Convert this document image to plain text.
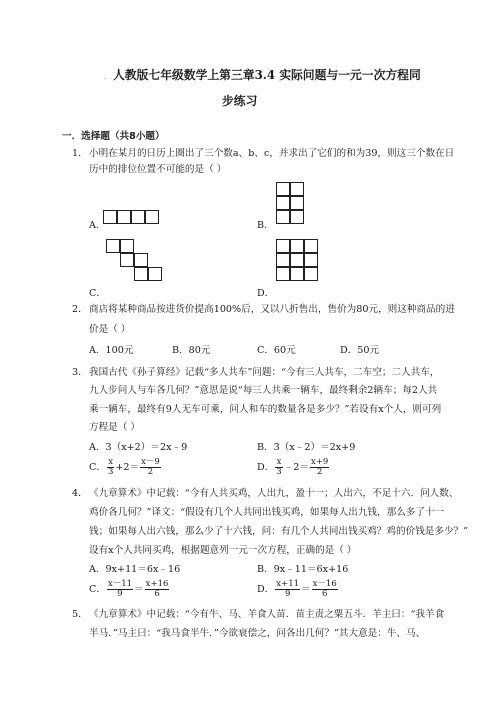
. 人教版七年级数学上第三章3.4 实际问题与一元一次方程同
步练习
一．选择题（共8小题）
1． 小明在某月的日历上圈出了三个数a、b、c，并求出了它们的和为39，则这三个数在日
历中的排位位置不可能的是（ ）
A．	B．
C．	D．
2． 商店将某种商品按进货价提高100%后，又以八折售出，售价为80元，则这种商品的进
价是（ ）
A．100元	B．80元	C．60元	D．50元
3． 我国古代《孙子算经》记载“多人共车”问题：“今有三人共车，二车空；二人共车，
九人步问人与车各几何？”意思是说“每三人共乘一辆车，最终剩余2辆车；每2人共
乘一辆车，最终有9人无车可乘，问人和车的数量各是多少？”若设有x个人，则可列
方程是（ ）
A．3（x+2）＝2x﹣9	B．3（x﹣2）＝2x+9
C． $\frac{x}{3} +2= \frac{x-9}{2}$	D． $\frac{x}{3}$ ﹣2＝ $\frac{x+9}{2}$
4． 《九章算术》中记载：“今有人共买鸡，人出九，盈十一；人出六，不足十六．问人数、
鸡价各几何？”译文：“假设有几个人共同出钱买鸡，如果每人出九钱，那么多了十一
钱；如果每人出六钱，那么少了十六钱，问：有几个人共同出钱买鸡？鸡的价钱是多少？”
设有x个人共同买鸡，根据题意列一元一次方程，正确的是（ ）
A．9x+11＝6x﹣16	B．9x﹣11＝6x+16
C． $\frac{x-11}{9} = \frac{x+16}{6}$	D． $\frac{x+11}{9} = \frac{x-16}{6}$
5． 《九章算术》中记载：“今有牛、马、羊食人苗．苗主责之粟五斗．羊主曰：“我羊食
半马．”马主曰：“我马食半牛．”今欲衰偿之，问各出几何？”其大意是：牛、马、
